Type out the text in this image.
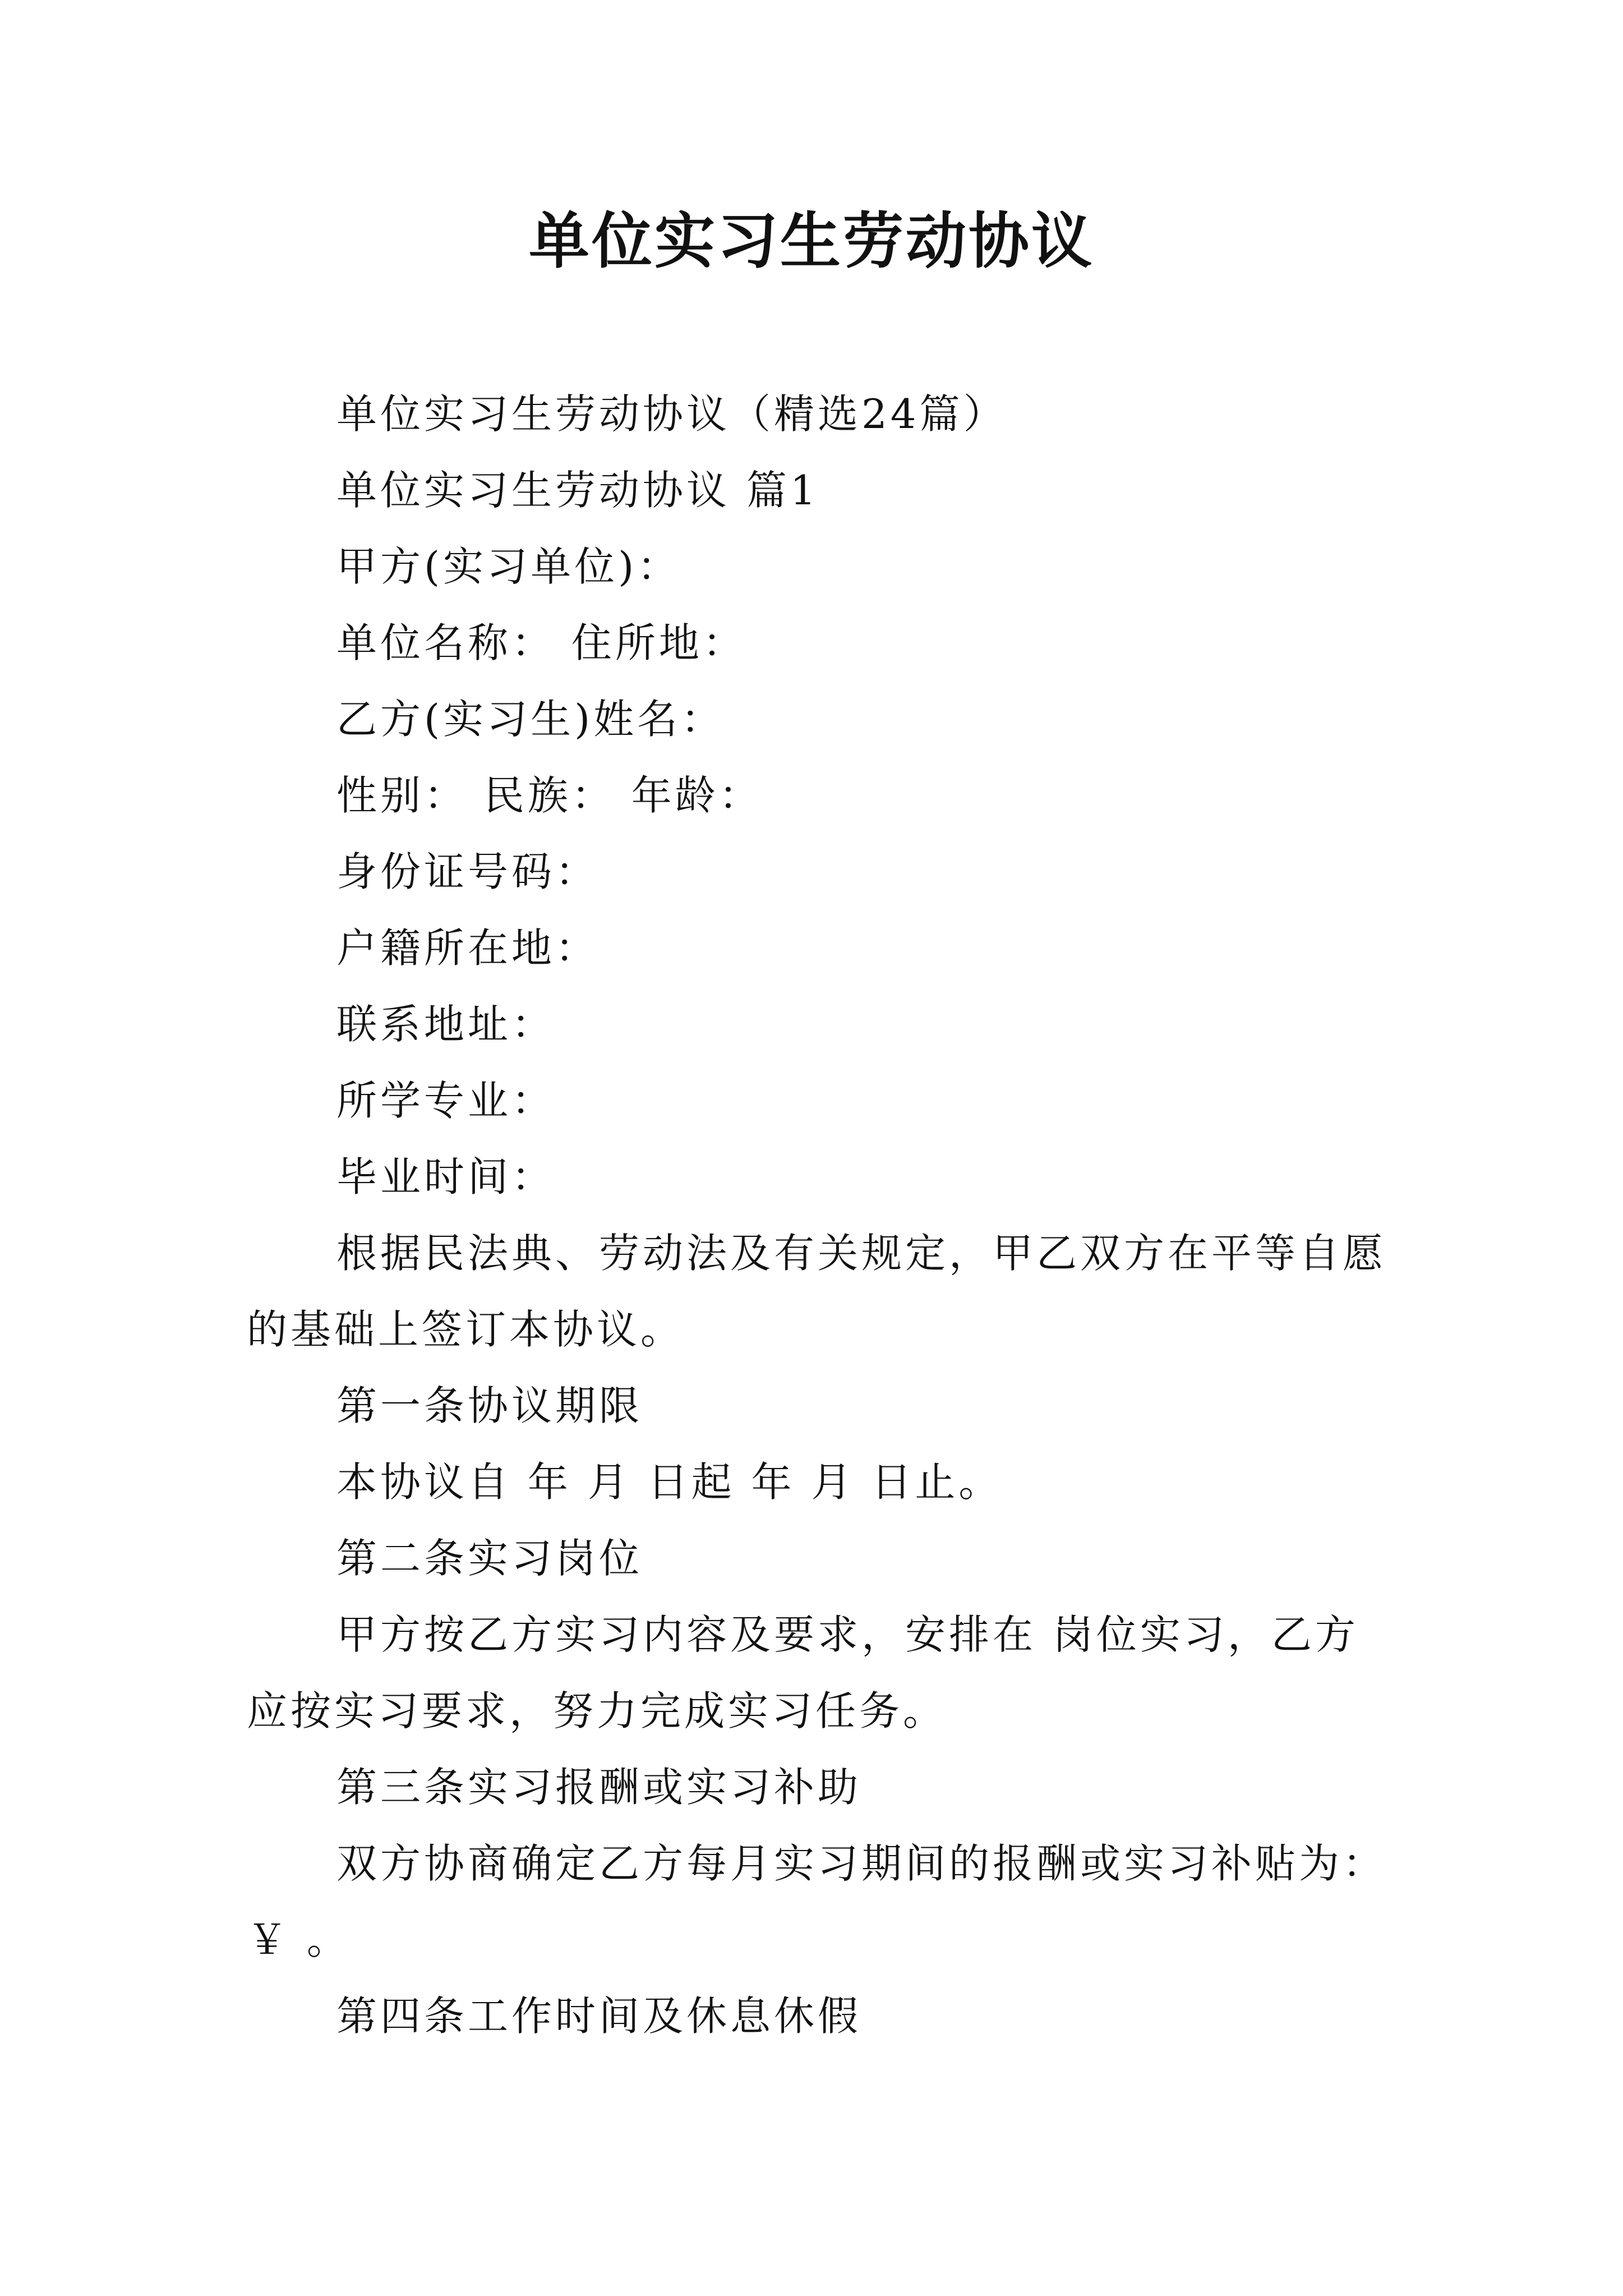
单位实习生劳动协议

单位实习生劳动协议（精选24篇）

单位实习生劳动协议 篇1

甲方(实习单位)：

单位名称： 住所地：

乙方(实习生)姓名：

性别： 民族： 年龄：

身份证号码：

户籍所在地：

联系地址：

所学专业：

毕业时间：

根据民法典、劳动法及有关规定，甲乙双方在平等自愿的基础上签订本协议。

第一条协议期限

本协议自 年 月 日起 年 月 日止。

第二条实习岗位

甲方按乙方实习内容及要求，安排在 岗位实习，乙方应按实习要求，努力完成实习任务。

第三条实习报酬或实习补助

双方协商确定乙方每月实习期间的报酬或实习补贴为：￥ 。

第四条工作时间及休息休假
